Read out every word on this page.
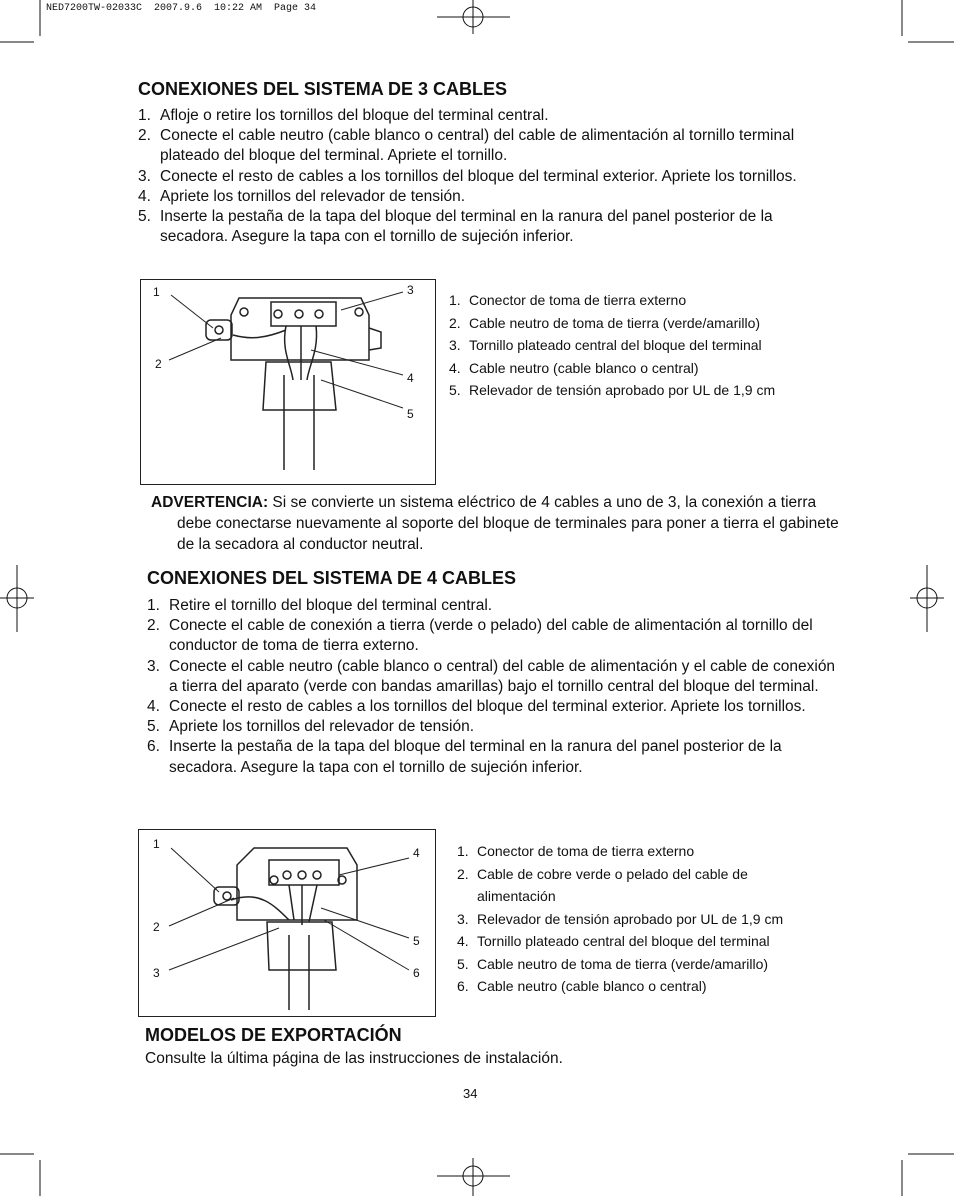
NED7200TW-02033C  2007.9.6  10:22 AM  Page 34
CONEXIONES DEL SISTEMA DE 3 CABLES
1. Afloje o retire los tornillos del bloque del terminal central.
2. Conecte el cable neutro (cable blanco o central) del cable de alimentación al tornillo terminal plateado del bloque del terminal. Apriete el tornillo.
3. Conecte el resto de cables a los tornillos del bloque del terminal exterior. Apriete los tornillos.
4. Apriete los tornillos del relevador de tensión.
5. Inserte la pestaña de la tapa del bloque del terminal en la ranura del panel posterior de la secadora. Asegure la tapa con el tornillo de sujeción inferior.
1
2
3
4
5
1. Conector de toma de tierra externo
2. Cable neutro de toma de tierra (verde/amarillo)
3. Tornillo plateado central del bloque del terminal
4. Cable neutro (cable blanco o central)
5. Relevador de tensión aprobado por UL de 1,9 cm

ADVERTENCIA: Si se convierte un sistema eléctrico de 4 cables a uno de 3, la conexión a tierra debe conectarse nuevamente al soporte del bloque de terminales para poner a tierra el gabinete de la secadora al conductor neutral.

CONEXIONES DEL SISTEMA DE 4 CABLES
1. Retire el tornillo del bloque del terminal central.
2. Conecte el cable de conexión a tierra (verde o pelado) del cable de alimentación al tornillo del conductor de toma de tierra externo.
3. Conecte el cable neutro (cable blanco o central) del cable de alimentación y el cable de conexión a tierra del aparato (verde con bandas amarillas) bajo el tornillo central del bloque del terminal.
4. Conecte el resto de cables a los tornillos del bloque del terminal exterior. Apriete los tornillos.
5. Apriete los tornillos del relevador de tensión.
6. Inserte la pestaña de la tapa del bloque del terminal en la ranura del panel posterior de la secadora. Asegure la tapa con el tornillo de sujeción inferior.
1
2
3
4
5
6
1. Conector de toma de tierra externo
2. Cable de cobre verde o pelado del cable de alimentación
3. Relevador de tensión aprobado por UL de 1,9 cm
4. Tornillo plateado central del bloque del terminal
5. Cable neutro de toma de tierra (verde/amarillo)
6. Cable neutro (cable blanco o central)
MODELOS DE EXPORTACIÓN

Consulte la última página de las instrucciones de instalación.

34
